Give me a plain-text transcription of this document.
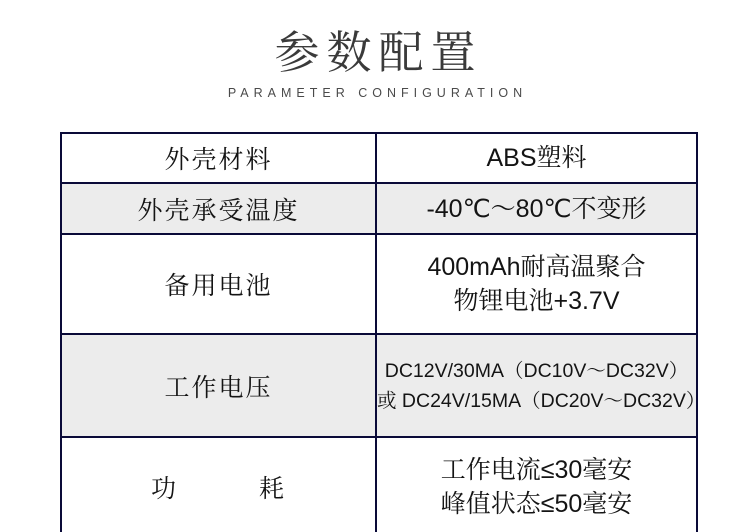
参数配置
PARAMETER CONFIGURATION
外壳材料	ABS塑料

外壳承受温度	-40℃～80℃不变形

备用电池	400mAh耐高温聚合
物锂电池+3.7V

工作电压	DC12V/30MA（DC10V～DC32V）
或 DC24V/15MA（DC20V～DC32V）

功　　　耗	工作电流≤30毫安
峰值状态≤50毫安
